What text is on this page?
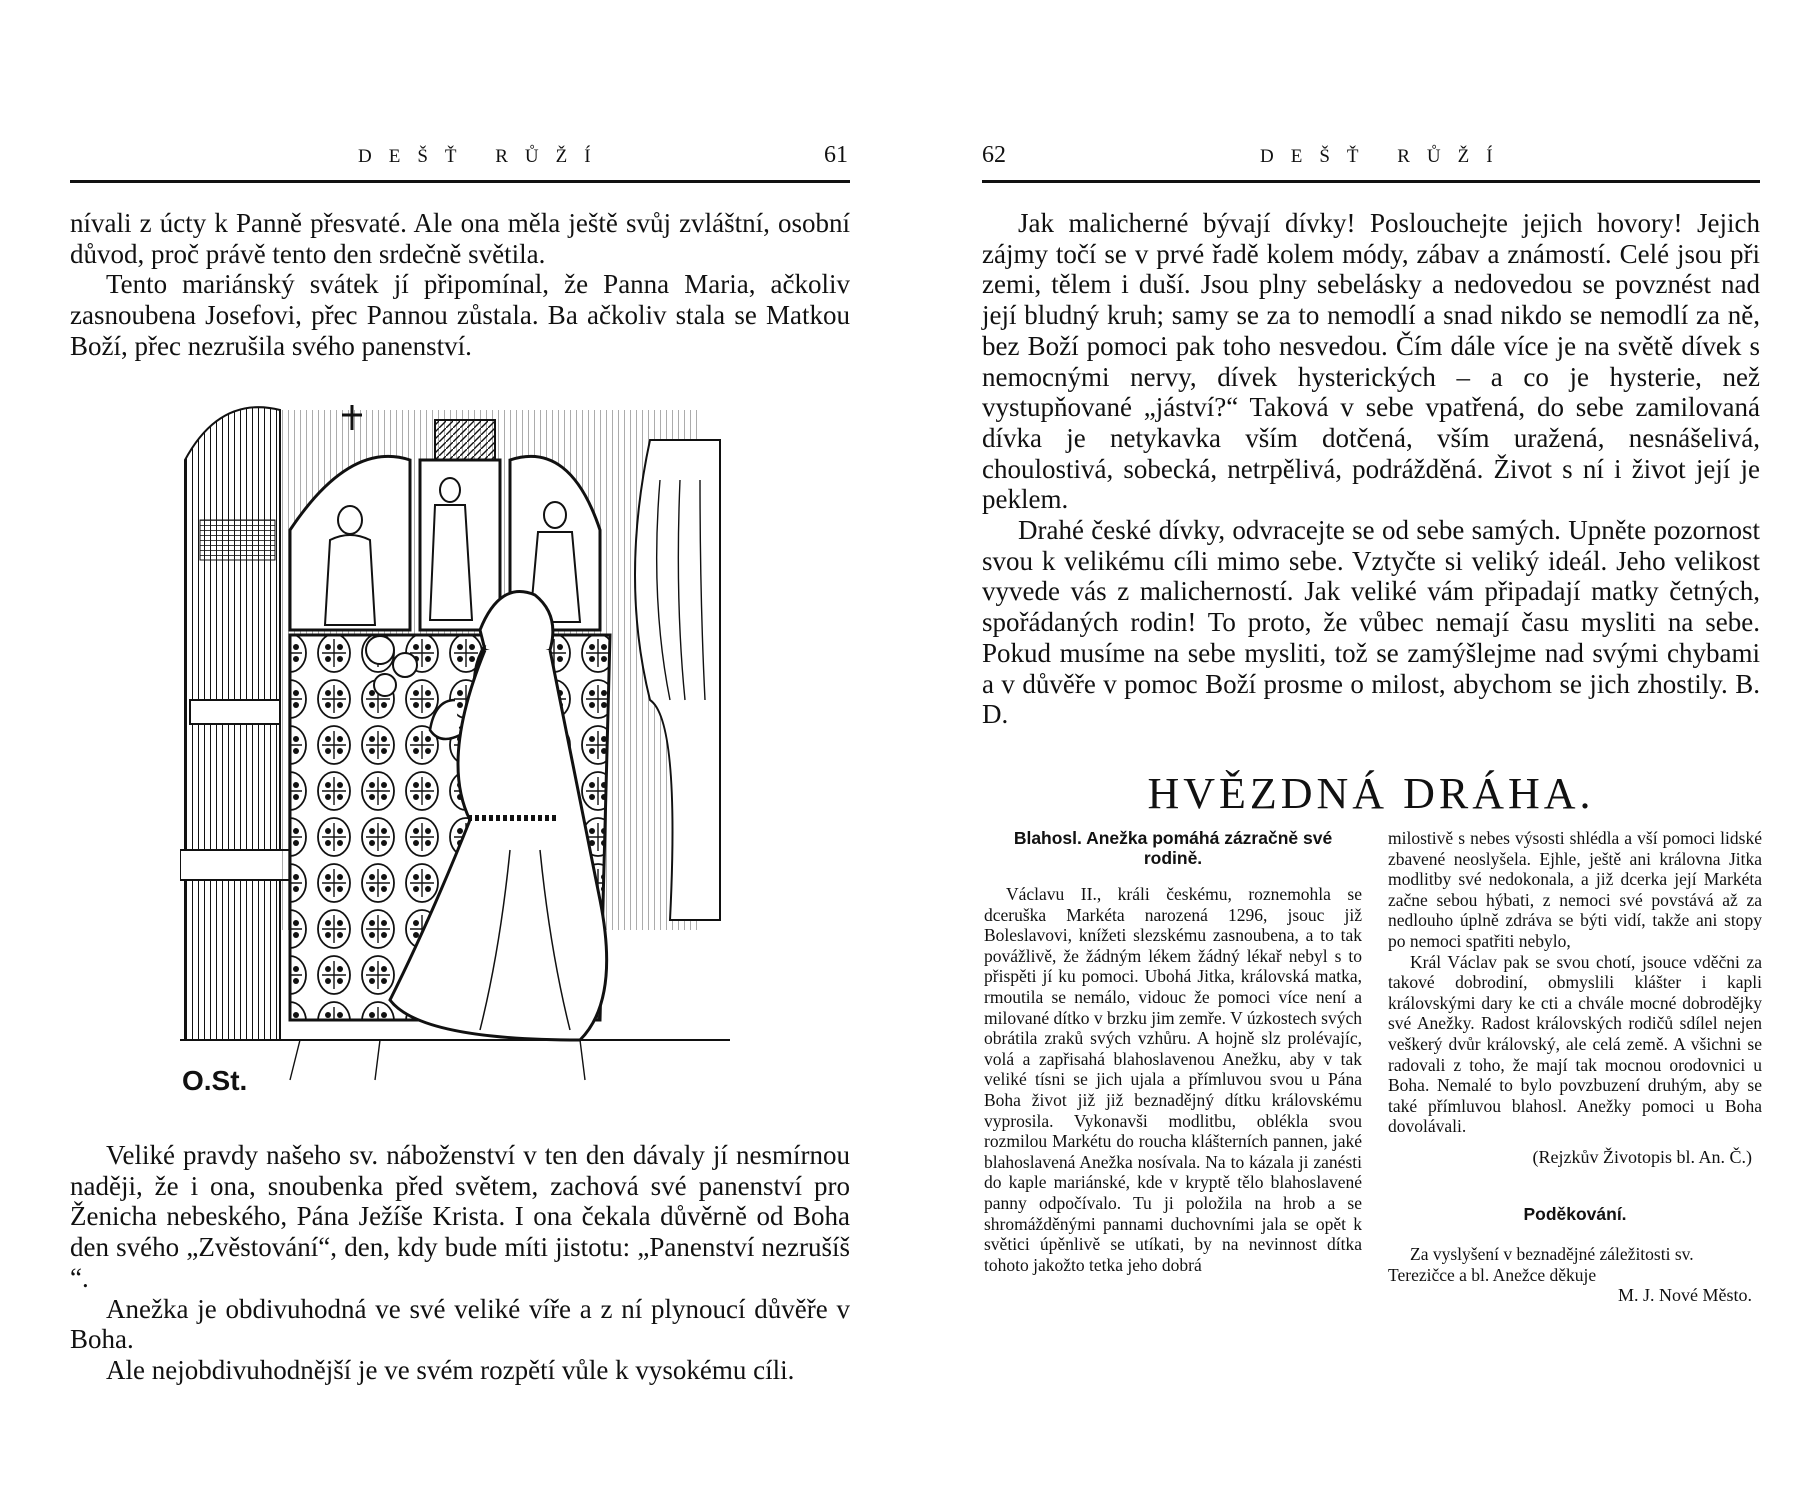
DEŠŤ RŮŽÍ	61

nívali z úcty k Panně přesvaté. Ale ona měla ještě svůj zvláštní, osobní důvod, proč právě tento den srdečně světila.

Tento mariánský svátek jí připomínal, že Panna Maria, ačkoliv zasnoubena Josefovi, přec Pannou zůstala. Ba ačkoliv stala se Matkou Boží, přec nezrušila svého panenství.

O.St.

Veliké pravdy našeho sv. náboženství v ten den dávaly jí nesmírnou naději, že i ona, snoubenka před světem, zachová své panenství pro Ženicha nebeského, Pána Ježíše Krista. I ona čekala důvěrně od Boha den svého „Zvěstování“, den, kdy bude míti jistotu: „Panenství nezrušíš “.

Anežka je obdivuhodná ve své veliké víře a z ní plynoucí důvěře v Boha.

Ale nejobdivuhodnější je ve svém rozpětí vůle k vysokému cíli.

62	DEŠŤ RŮŽÍ

Jak malicherné bývají dívky! Poslouchejte jejich hovory! Jejich zájmy točí se v prvé řadě kolem módy, zábav a známostí. Celé jsou při zemi, tělem i duší. Jsou plny sebelásky a nedovedou se povznést nad její bludný kruh; samy se za to nemodlí a snad nikdo se nemodlí za ně, bez Boží pomoci pak toho nesvedou. Čím dále více je na světě dívek s nemocnými nervy, dívek hysterických – a co je hysterie, než vystupňované „jáství?“ Taková v sebe vpatřená, do sebe zamilovaná dívka je netykavka vším dotčená, vším uražená, nesnášelivá, choulostivá, sobecká, netrpělivá, podrážděná. Život s ní i život její je peklem.

Drahé české dívky, odvracejte se od sebe samých. Upněte pozornost svou k velikému cíli mimo sebe. Vztyčte si veliký ideál. Jeho velikost vyvede vás z malicherností. Jak veliké vám připadají matky četných, spořádaných rodin! To proto, že vůbec nemají času mysliti na sebe. Pokud musíme na sebe mysliti, tož se zamýšlejme nad svými chybami a v důvěře v pomoc Boží prosme o milost, abychom se jich zhostily. B. D.

HVĚZDNÁ DRÁHA.
Blahosl. Anežka pomáhá zázračně své rodině.

Václavu II., králi českému, roznemohla se dceruška Markéta narozená 1296, jsouc již Boleslavovi, knížeti slezskému zasnoubena, a to tak povážlivě, že žádným lékem žádný lékař nebyl s to přispěti jí ku pomoci. Ubohá Jitka, královská matka, rmoutila se nemálo, vidouc že pomoci více není a milované dítko v brzku jim zemře. V úzkostech svých obrátila zraků svých vzhůru. A hojně slz prolévajíc, volá a zapřisahá blahoslavenou Anežku, aby v tak veliké tísni se jich ujala a přímluvou svou u Pána Boha život již již beznadějný dítku královskému vyprosila. Vykonavši modlitbu, oblékla svou rozmilou Markétu do roucha klášterních pannen, jaké blahoslavená Anežka nosívala. Na to kázala ji zanésti do kaple mariánské, kde v kryptě tělo blahoslavené panny odpočívalo. Tu ji položila na hrob a se shromážděnými pannami duchovními jala se opět k světici úpěnlivě se utíkati, by na nevinnost dítka tohoto jakožto tetka jeho dobrá

milostivě s nebes výsosti shlédla a vší pomoci lidské zbavené neoslyšela. Ejhle, ještě ani královna Jitka modlitby své nedokonala, a již dcerka její Markéta začne sebou hýbati, z nemoci své povstává až za nedlouho úplně zdráva se býti vidí, takže ani stopy po nemoci spatřiti nebylo,

Král Václav pak se svou chotí, jsouce vděčni za takové dobrodiní, obmyslili klášter i kapli královskými dary ke cti a chvále mocné dobrodějky své Anežky. Radost královských rodičů sdílel nejen veškerý dvůr královský, ale celá země. A všichni se radovali z toho, že mají tak mocnou orodovnici u Boha. Nemalé to bylo povzbuzení druhým, aby se také přímluvou blahosl. Anežky pomoci u Boha dovolávali.

(Rejzkův Životopis bl. An. Č.)
Poděkování.

Za vyslyšení v beznadějné záležitosti sv. Terezičce a bl. Anežce děkuje

M. J. Nové Město.
